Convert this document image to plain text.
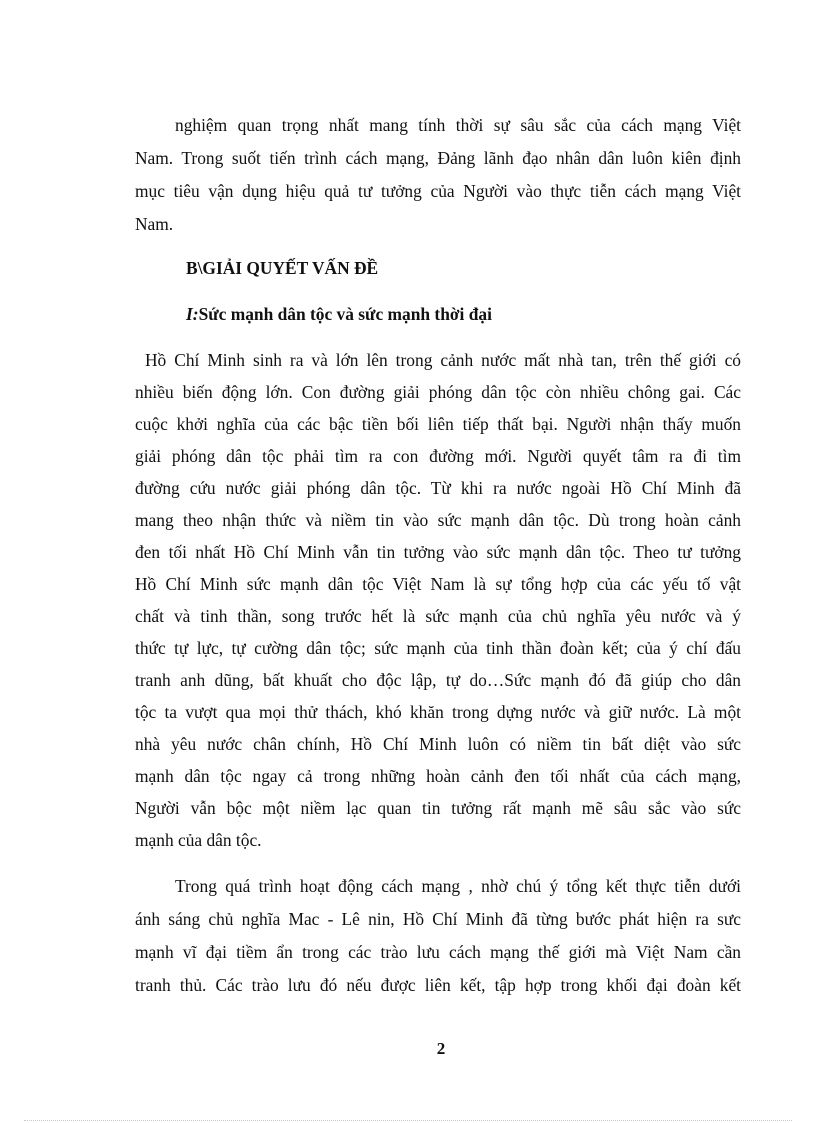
nghiệm quan trọng nhất mang tính thời sự sâu sắc của cách mạng Việt
Nam. Trong suốt tiến trình cách mạng, Đảng lãnh đạo nhân dân luôn kiên định
mục tiêu vận dụng hiệu quả tư tưởng của Người vào thực tiễn cách mạng Việt
Nam.
B\GIẢI QUYẾT VẤN ĐỀ
I:Sức mạnh dân tộc và sức mạnh thời đại
Hồ Chí Minh sinh ra và lớn lên trong cảnh nước mất nhà tan, trên thế giới có
nhiều biến động lớn. Con đường giải phóng dân tộc còn nhiều chông gai. Các
cuộc khởi nghĩa của các bậc tiền bối liên tiếp thất bại. Người nhận thấy muốn
giải phóng dân tộc phải tìm ra con đường mới. Người quyết tâm ra đi tìm
đường cứu nước giải phóng dân tộc. Từ khi ra nước ngoài Hồ Chí Minh đã
mang theo nhận thức và niềm tin vào sức mạnh dân tộc. Dù trong hoàn cảnh
đen tối nhất Hồ Chí Minh vẫn tin tưởng vào sức mạnh dân tộc. Theo tư tưởng
Hồ Chí Minh sức mạnh dân tộc Việt Nam là sự tổng hợp của các yếu tố vật
chất và tinh thần, song trước hết là sức mạnh của chủ nghĩa yêu nước và ý
thức tự lực, tự cường dân tộc; sức mạnh của tinh thần đoàn kết; của ý chí đấu
tranh anh dũng, bất khuất cho độc lập, tự do…Sức mạnh đó đã giúp cho dân
tộc ta vượt qua mọi thử thách, khó khăn trong dựng nước và giữ nước. Là một
nhà yêu nước chân chính, Hồ Chí Minh luôn có niềm tin bất diệt vào sức
mạnh dân tộc ngay cả trong những hoàn cảnh đen tối nhất của cách mạng,
Người vẫn bộc một niềm lạc quan tin tưởng rất mạnh mẽ sâu sắc vào sức
mạnh của dân tộc.
Trong quá trình hoạt động cách mạng , nhờ chú ý tổng kết thực tiễn dưới
ánh sáng chủ nghĩa Mac - Lê nin, Hồ Chí Minh đã từng bước phát hiện ra sưc
mạnh vĩ đại tiềm ẩn trong các trào lưu cách mạng thế giới mà Việt Nam cần
tranh thủ. Các trào lưu đó nếu được liên kết, tập hợp trong khối đại đoàn kết
2
